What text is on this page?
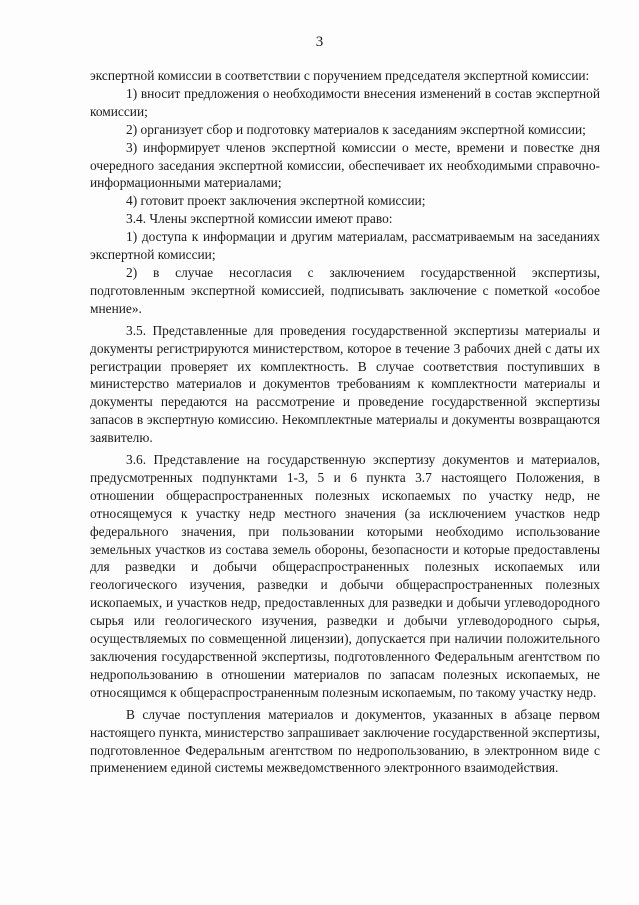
3

экспертной комиссии в соответствии с поручением председателя экспертной комиссии:

1) вносит предложения о необходимости внесения изменений в состав экспертной комиссии;

2) организует сбор и подготовку материалов к заседаниям экспертной комиссии;

3) информирует членов экспертной комиссии о месте, времени и повестке дня очередного заседания экспертной комиссии, обеспечивает их необходимыми справочно-информационными материалами;

4) готовит проект заключения экспертной комиссии;

3.4. Члены экспертной комиссии имеют право:

1) доступа к информации и другим материалам, рассматриваемым на заседаниях экспертной комиссии;

2) в случае несогласия с заключением государственной экспертизы, подготовленным экспертной комиссией, подписывать заключение с пометкой «особое мнение».

3.5. Представленные для проведения государственной экспертизы материалы и документы регистрируются министерством, которое в течение 3 рабочих дней с даты их регистрации проверяет их комплектность. В случае соответствия поступивших в министерство материалов и документов требованиям к комплектности материалы и документы передаются на рассмотрение и проведение государственной экспертизы запасов в экспертную комиссию. Некомплектные материалы и документы возвращаются заявителю.

3.6. Представление на государственную экспертизу документов и материалов, предусмотренных подпунктами 1-3, 5 и 6 пункта 3.7 настоящего Положения, в отношении общераспространенных полезных ископаемых по участку недр, не относящемуся к участку недр местного значения (за исключением участков недр федерального значения, при пользовании которыми необходимо использование земельных участков из состава земель обороны, безопасности и которые предоставлены для разведки и добычи общераспространенных полезных ископаемых или геологического изучения, разведки и добычи общераспространенных полезных ископаемых, и участков недр, предоставленных для разведки и добычи углеводородного сырья или геологического изучения, разведки и добычи углеводородного сырья, осуществляемых по совмещенной лицензии), допускается при наличии положительного заключения государственной экспертизы, подготовленного Федеральным агентством по недропользованию в отношении материалов по запасам полезных ископаемых, не относящимся к общераспространенным полезным ископаемым, по такому участку недр.

В случае поступления материалов и документов, указанных в абзаце первом настоящего пункта, министерство запрашивает заключение государственной экспертизы, подготовленное Федеральным агентством по недропользованию, в электронном виде с применением единой системы межведомственного электронного взаимодействия.
